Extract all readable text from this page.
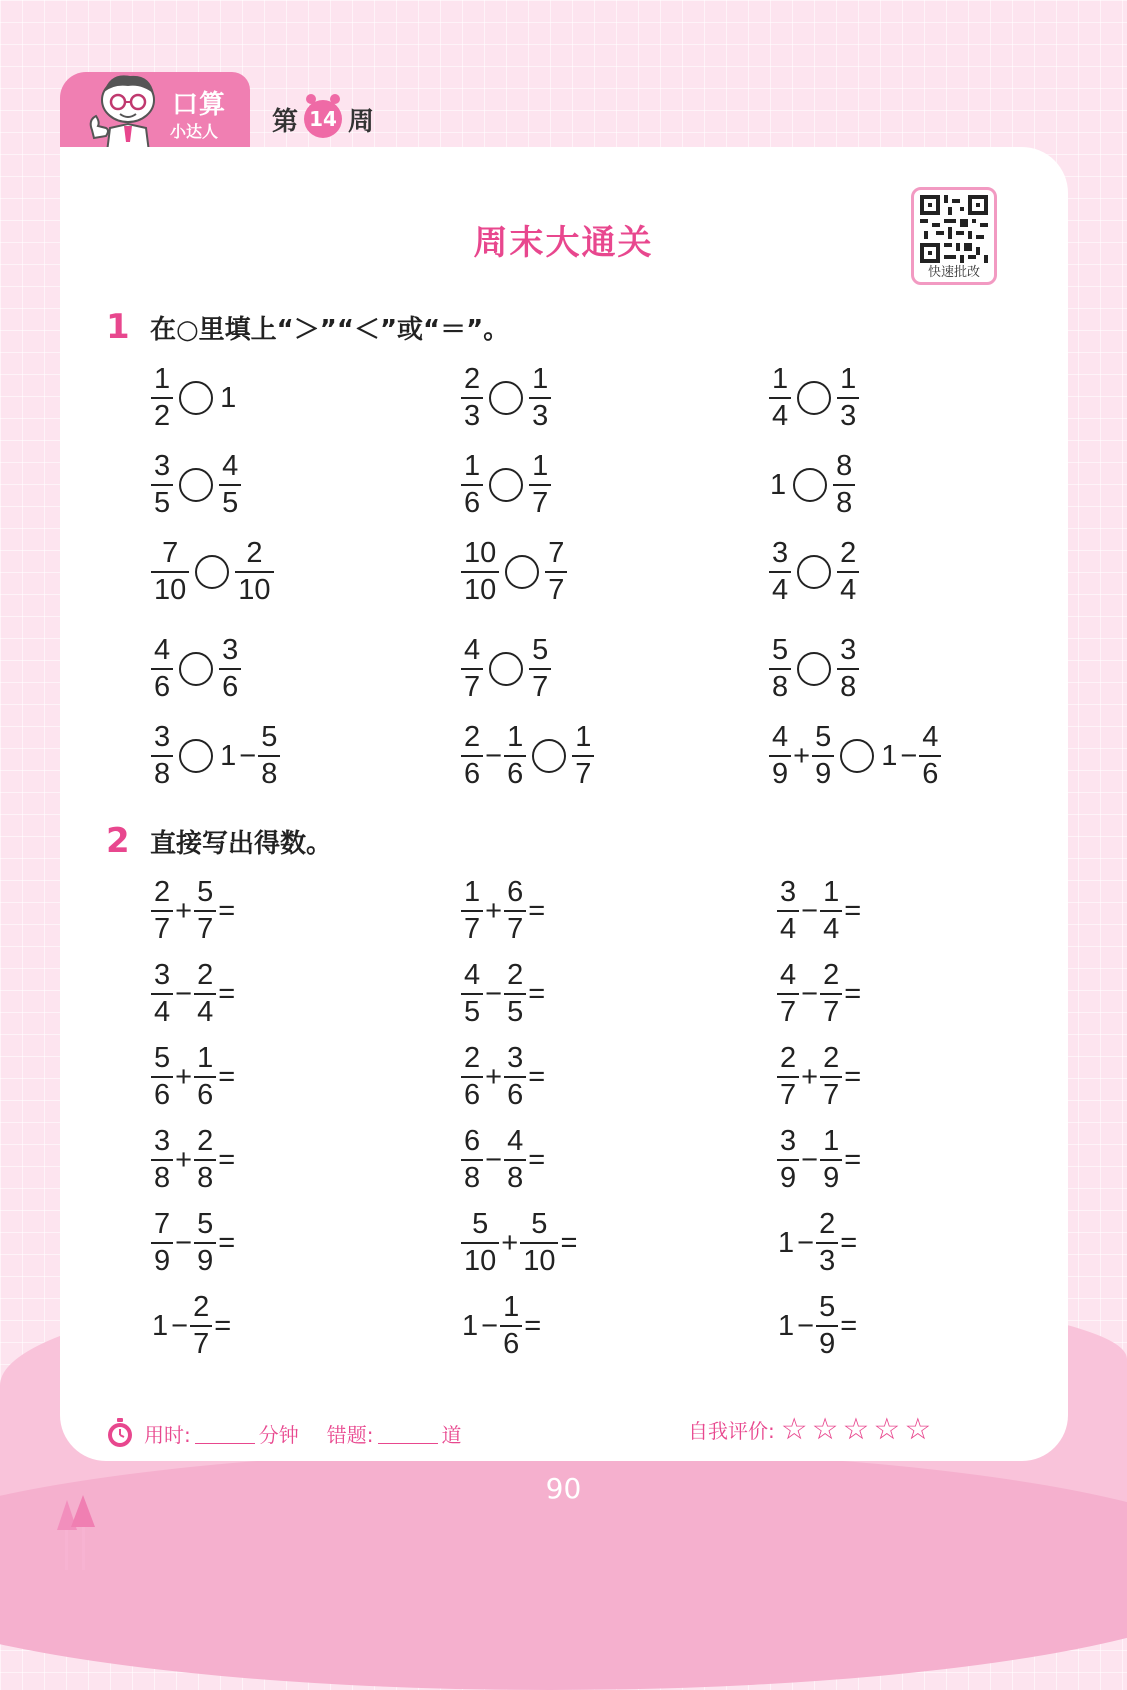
口算
小达人 第 14 周
周末大通关
快速批改
1 在○里填上“＞”“＜”或“＝”。
2 直接写出得数。
$\frac{1}{2} 1$	$\frac{2}{3} \frac{1}{3}$	$\frac{1}{4} \frac{1}{3}$
$\frac{3}{5} \frac{4}{5}$	$\frac{1}{6} \frac{1}{7}$	$1 \frac{8}{8}$
$\frac{7}{10} \frac{2}{10}$	$\frac{10}{10} \frac{7}{7}$	$\frac{3}{4} \frac{2}{4}$
$\frac{4}{6} \frac{3}{6}$	$\frac{4}{7} \frac{5}{7}$	$\frac{5}{8} \frac{3}{8}$
$\frac{3}{8} 1 - \frac{5}{8}$	$\frac{2}{6} - \frac{1}{6} \frac{1}{7}$	$\frac{4}{9} + \frac{5}{9} 1 - \frac{4}{6}$
$\frac{2}{7} + \frac{5}{7}$ =	$\frac{1}{7} + \frac{6}{7}$ =	$\frac{3}{4} - \frac{1}{4}$ =
$\frac{3}{4} - \frac{2}{4}$ =	$\frac{4}{5} - \frac{2}{5}$ =	$\frac{4}{7} - \frac{2}{7}$ =
$\frac{5}{6} + \frac{1}{6}$ =	$\frac{2}{6} + \frac{3}{6}$ =	$\frac{2}{7} + \frac{2}{7}$ =
$\frac{3}{8} + \frac{2}{8}$ =	$\frac{6}{8} - \frac{4}{8}$ =	$\frac{3}{9} - \frac{1}{9}$ =
$\frac{7}{9} - \frac{5}{9}$ =	$\frac{5}{10} + \frac{5}{10}$ =	$1 - \frac{2}{3}$ =
$1 - \frac{2}{7}$ =	$1 - \frac{1}{6}$ =	$1 - \frac{5}{9}$ =
用时:	分钟 错题:	道	自我评价: ☆☆☆☆☆
90
